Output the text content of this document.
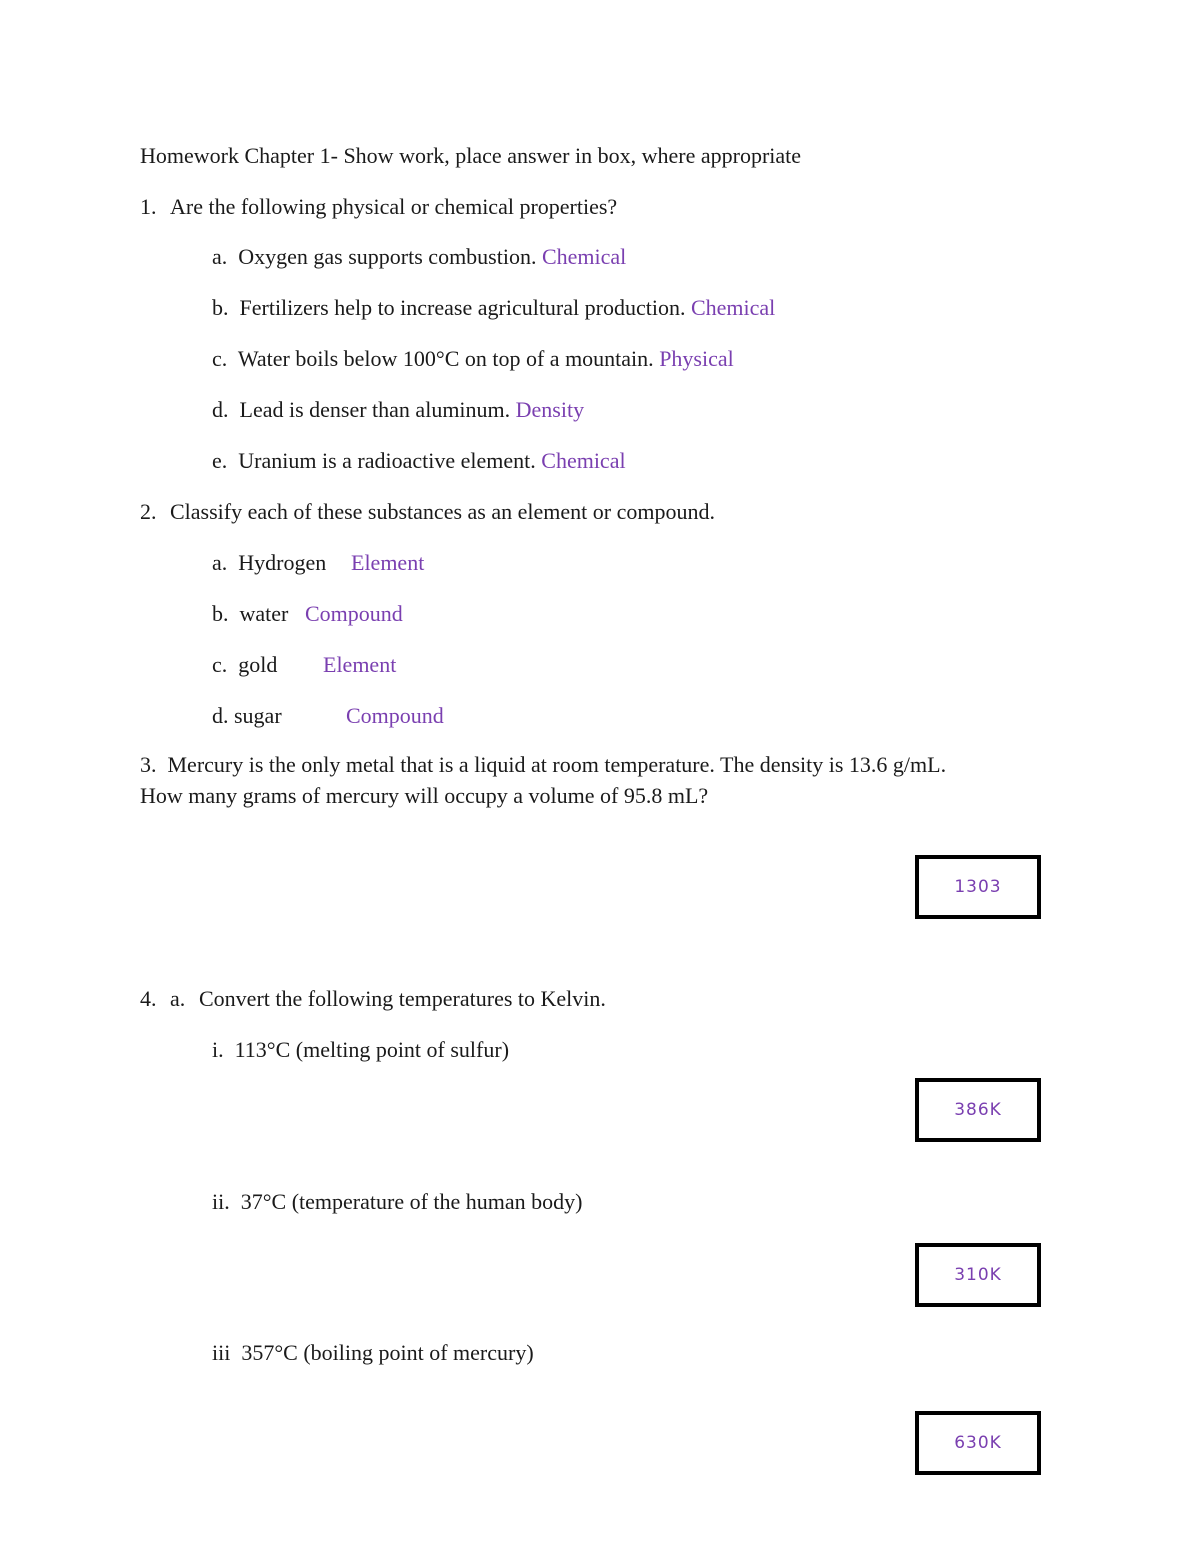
Homework Chapter 1- Show work, place answer in box, where appropriate
1. Are the following physical or chemical properties?
a. Oxygen gas supports combustion. Chemical
b. Fertilizers help to increase agricultural production. Chemical
c. Water boils below 100°C on top of a mountain. Physical
d. Lead is denser than aluminum. Density
e. Uranium is a radioactive element. Chemical
2. Classify each of these substances as an element or compound.
a. Hydrogen Element
b. water Compound
c. gold Element
d. sugar	Compound
3. Mercury is the only metal that is a liquid at room temperature. The density is 13.6 g/mL.
How many grams of mercury will occupy a volume of 95.8 mL?
1303
4. a. Convert the following temperatures to Kelvin.
i. 113°C (melting point of sulfur)
386K
ii. 37°C (temperature of the human body)
310K
iii 357°C (boiling point of mercury)
630K
